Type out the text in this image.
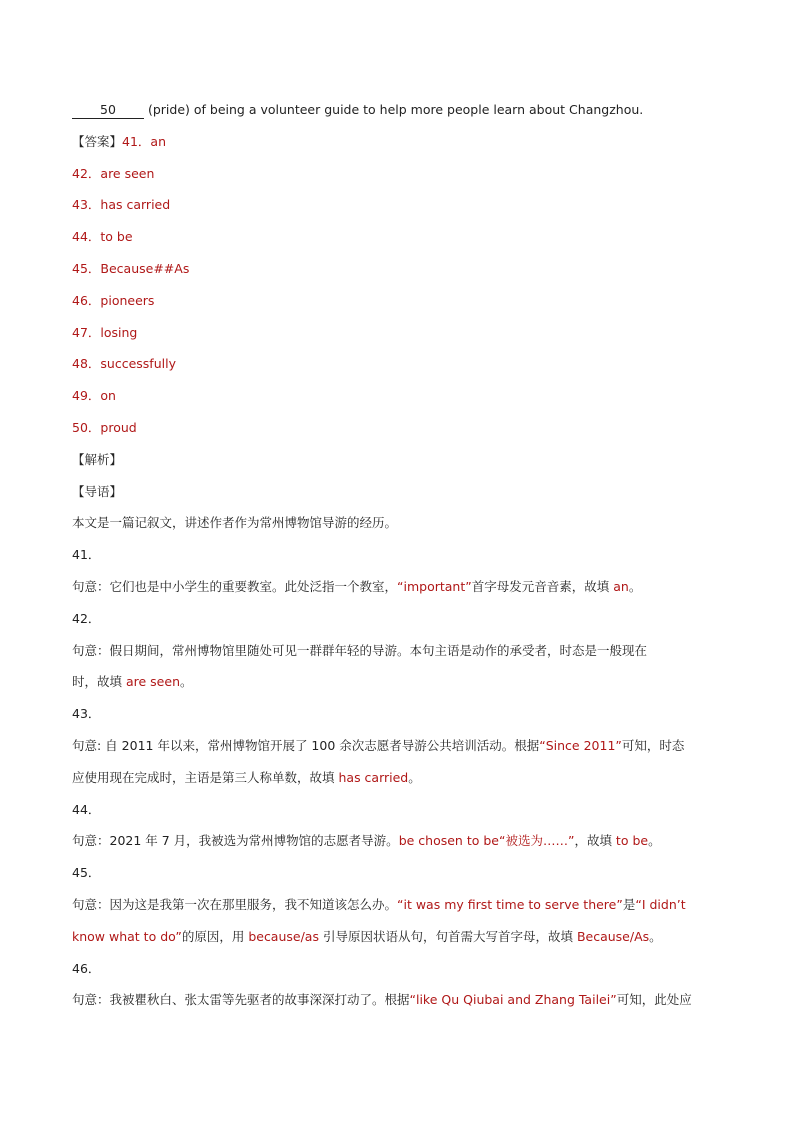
50	(pride) of being a volunteer guide to help more people learn about Changzhou.

【答案】41．an

42．are seen

43．has carried

44．to be

45．Because##As

46．pioneers

47．losing

48．successfully

49．on

50．proud

【解析】

【导语】

本文是一篇记叙文，讲述作者作为常州博物馆导游的经历。

41．

句意：它们也是中小学生的重要教室。此处泛指一个教室，“important”首字母发元音音素，故填 an。

42．

句意：假日期间，常州博物馆里随处可见一群群年轻的导游。本句主语是动作的承受者，时态是一般现在

时，故填 are seen。

43．

句意: 自 2011 年以来，常州博物馆开展了 100 余次志愿者导游公共培训活动。根据“Since 2011”可知，时态

应使用现在完成时，主语是第三人称单数，故填 has carried。

44．

句意：2021 年 7 月，我被选为常州博物馆的志愿者导游。be chosen to be“被选为……”，故填 to be。

45．

句意：因为这是我第一次在那里服务，我不知道该怎么办。“it was my first time to serve there”是“I didn’t

know what to do”的原因，用 because/as 引导原因状语从句，句首需大写首字母，故填 Because/As。

46．

句意：我被瞿秋白、张太雷等先驱者的故事深深打动了。根据“like Qu Qiubai and Zhang Tailei”可知，此处应
